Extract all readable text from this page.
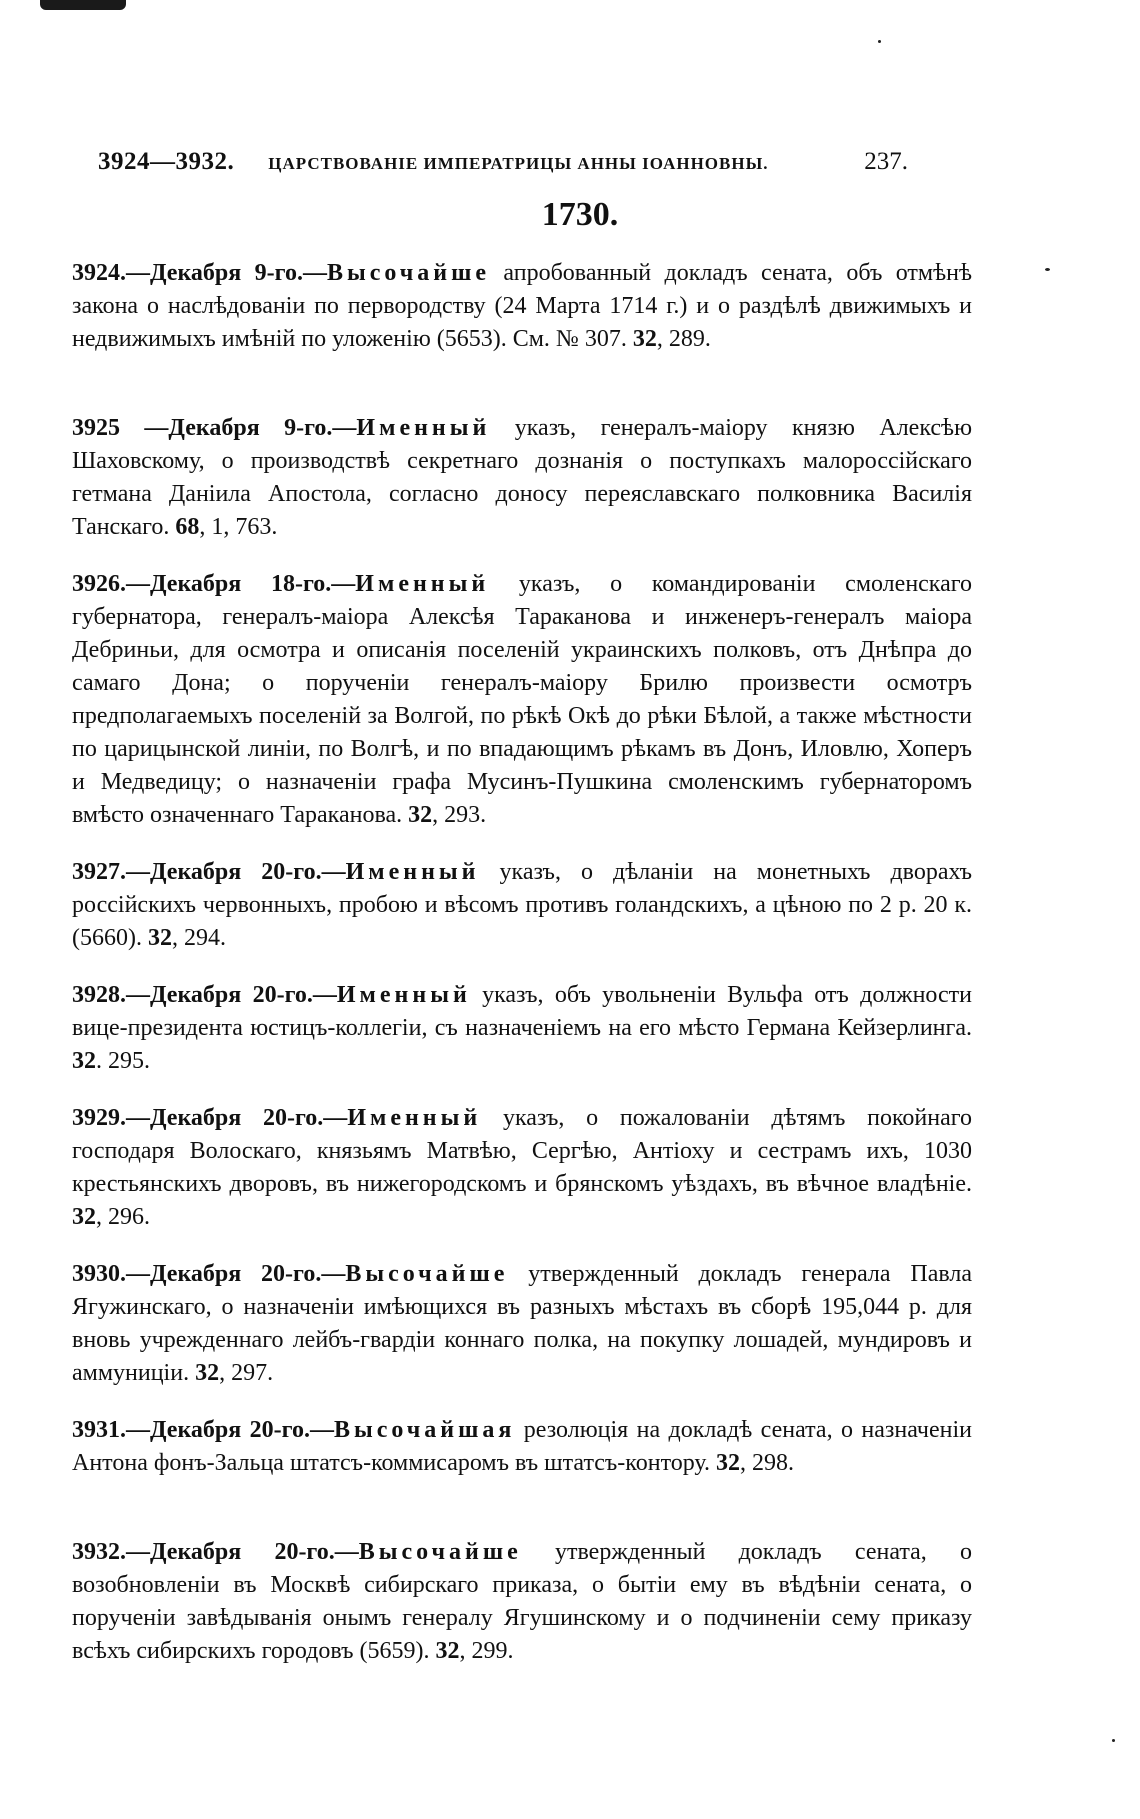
3924—3932. ЦАРСТВОВАНІЕ ИМПЕРАТРИЦЫ АННЫ ІОАННОВНЫ.	237.
1730.

3924.—Декабря 9-го.—Высочайше апробованный докладъ сената, объ отмѣнѣ закона о наслѣдованіи по первородству (24 Марта 1714 г.) и о раздѣлѣ движимыхъ и недвижимыхъ имѣній по уложенію (5653). См. № 307. 32, 289.

3925 —Декабря 9-го.—Именный указъ, генералъ-маіору князю Алексѣю Шаховскому, о производствѣ секретнаго дознанія о поступкахъ малороссійскаго гетмана Даніила Апостола, согласно доносу переяславскаго полковника Василія Танскаго. 68, 1, 763.

3926.—Декабря 18-го.—Именный указъ, о командированіи смоленскаго губернатора, генералъ-маіора Алексѣя Тараканова и инженеръ-генералъ маіора Дебриньи, для осмотра и описанія поселеній украинскихъ полковъ, отъ Днѣпра до самаго Дона; о порученіи генералъ-маіору Брилю произвести осмотръ предполагаемыхъ поселеній за Волгой, по рѣкѣ Окѣ до рѣки Бѣлой, а также мѣстности по царицынской линіи, по Волгѣ, и по впадающимъ рѣкамъ въ Донъ, Иловлю, Хоперъ и Медведицу; о назначеніи графа Мусинъ-Пушкина смоленскимъ губернаторомъ вмѣсто означеннаго Тараканова. 32, 293.

3927.—Декабря 20-го.—Именный указъ, о дѣланіи на монетныхъ дворахъ россійскихъ червонныхъ, пробою и вѣсомъ противъ голандскихъ, а цѣною по 2 р. 20 к. (5660). 32, 294.

3928.—Декабря 20-го.—Именный указъ, объ увольненіи Вульфа отъ должности вице-президента юстицъ-коллегіи, съ назначеніемъ на его мѣсто Германа Кейзерлинга. 32. 295.

3929.—Декабря 20-го.—Именный указъ, о пожалованіи дѣтямъ покойнаго господаря Волоскаго, князьямъ Матвѣю, Сергѣю, Антіоху и сестрамъ ихъ, 1030 крестьянскихъ дворовъ, въ нижегородскомъ и брянскомъ уѣздахъ, въ вѣчное владѣніе. 32, 296.

3930.—Декабря 20-го.—Высочайше утвержденный докладъ генерала Павла Ягужинскаго, о назначеніи имѣющихся въ разныхъ мѣстахъ въ сборѣ 195,044 р. для вновь учрежденнаго лейбъ-гвардіи коннаго полка, на покупку лошадей, мундировъ и аммуниціи. 32, 297.

3931.—Декабря 20-го.—Высочайшая резолюція на докладѣ сената, о назначеніи Антона фонъ-Зальца штатсъ-коммисаромъ въ штатсъ-контору. 32, 298.

3932.—Декабря 20-го.—Высочайше утвержденный докладъ сената, о возобновленіи въ Москвѣ сибирскаго приказа, о бытіи ему въ вѣдѣніи сената, о порученіи завѣдыванія онымъ генералу Ягушинскому и о подчиненіи сему приказу всѣхъ сибирскихъ городовъ (5659). 32, 299.
